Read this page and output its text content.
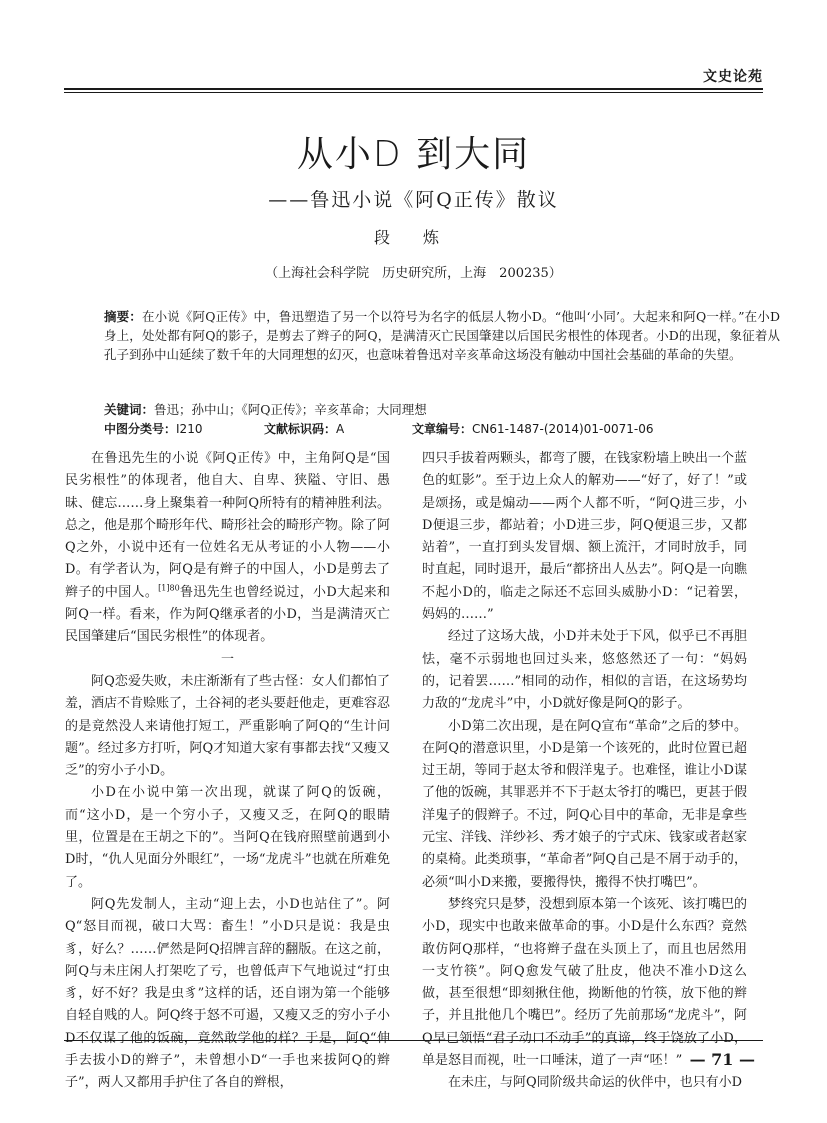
文史论苑
从小D 到大同
——鲁迅小说《阿Q正传》散议
段 炼
（上海社会科学院　历史研究所，上海　200235）
摘要：在小说《阿Q正传》中，鲁迅塑造了另一个以符号为名字的低层人物小D。“他叫‘小同’。大起来和阿Q一样。”在小D身上，处处都有阿Q的影子，是剪去了辫子的阿Q，是满清灭亡民国肇建以后国民劣根性的体现者。小D的出现，象征着从孔子到孙中山延续了数千年的大同理想的幻灭，也意味着鲁迅对辛亥革命这场没有触动中国社会基础的革命的失望。
关键词：鲁迅；孙中山；《阿Q正传》；辛亥革命；大同理想
中图分类号：I210	文献标识码：A	文章编号：CN61-1487-(2014)01-0071-06

在鲁迅先生的小说《阿Q正传》中，主角阿Q是“国民劣根性”的体现者，他自大、自卑、狭隘、守旧、愚昧、健忘……身上聚集着一种阿Q所特有的精神胜利法。总之，他是那个畸形年代、畸形社会的畸形产物。除了阿Q之外，小说中还有一位姓名无从考证的小人物——小D。有学者认为，阿Q是有辫子的中国人，小D是剪去了辫子的中国人。$^{[1]80}$鲁迅先生也曾经说过，小D大起来和阿Q一样。看来，作为阿Q继承者的小D，当是满清灭亡民国肇建后“国民劣根性”的体现者。

一

阿Q恋爱失败，未庄渐渐有了些古怪：女人们都怕了羞，酒店不肯赊账了，土谷祠的老头要赶他走，更难容忍的是竟然没人来请他打短工，严重影响了阿Q的“生计问题”。经过多方打听，阿Q才知道大家有事都去找“又瘦又乏”的穷小子小D。

小D在小说中第一次出现，就谋了阿Q的饭碗，而“这小D，是一个穷小子，又瘦又乏，在阿Q的眼睛里，位置是在王胡之下的”。当阿Q在钱府照壁前遇到小D时，“仇人见面分外眼红”，一场“龙虎斗”也就在所难免了。

阿Q先发制人，主动“迎上去，小D也站住了”。阿Q“怒目而视，破口大骂：畜生！”小D只是说：我是虫豸，好么？……俨然是阿Q招牌言辞的翻版。在这之前，阿Q与未庄闲人打架吃了亏，也曾低声下气地说过“打虫豸，好不好？我是虫豸”这样的话，还自诩为第一个能够自轻自贱的人。阿Q终于怒不可遏，又瘦又乏的穷小子小D不仅谋了他的饭碗，竟然敢学他的样？于是，阿Q“伸手去拔小D的辫子”，未曾想小D“一手也来拔阿Q的辫子”，两人又都用手护住了各自的辫根，

四只手拔着两颗头，都弯了腰，在钱家粉墙上映出一个蓝色的虹影”。至于边上众人的解劝——“好了，好了！”或是颂扬，或是煽动——两个人都不听，“阿Q进三步，小D便退三步，都站着；小D进三步，阿Q便退三步，又都站着”，一直打到头发冒烟、额上流汗，才同时放手，同时直起，同时退开，最后“都挤出人丛去”。阿Q是一向瞧不起小D的，临走之际还不忘回头威胁小D：“记着罢，妈妈的……”

经过了这场大战，小D并未处于下风，似乎已不再胆怯，毫不示弱地也回过头来，悠悠然还了一句：“妈妈的，记着罢……”相同的动作，相似的言语，在这场势均力敌的“龙虎斗”中，小D就好像是阿Q的影子。

小D第二次出现，是在阿Q宣布“革命”之后的梦中。在阿Q的潜意识里，小D是第一个该死的，此时位置已超过王胡，等同于赵太爷和假洋鬼子。也难怪，谁让小D谋了他的饭碗，其罪恶并不下于赵太爷打的嘴巴，更甚于假洋鬼子的假辫子。不过，阿Q心目中的革命，无非是拿些元宝、洋钱、洋纱衫、秀才娘子的宁式床、钱家或者赵家的桌椅。此类琐事，“革命者”阿Q自己是不屑于动手的，必须“叫小D来搬，要搬得快，搬得不快打嘴巴”。

梦终究只是梦，没想到原本第一个该死、该打嘴巴的小D，现实中也敢来做革命的事。小D是什么东西？竟然敢仿阿Q那样，“也将辫子盘在头顶上了，而且也居然用一支竹筷”。阿Q愈发气破了肚皮，他决不准小D这么做，甚至很想“即刻揪住他，拗断他的竹筷，放下他的辫子，并且批他几个嘴巴”。经历了先前那场“龙虎斗”，阿Q早已领悟“君子动口不动手”的真谛，终于饶放了小D，单是怒目而视，吐一口唾沫，道了一声“呸！”

在未庄，与阿Q同阶级共命运的伙伴中，也只有小D

— 71 —
